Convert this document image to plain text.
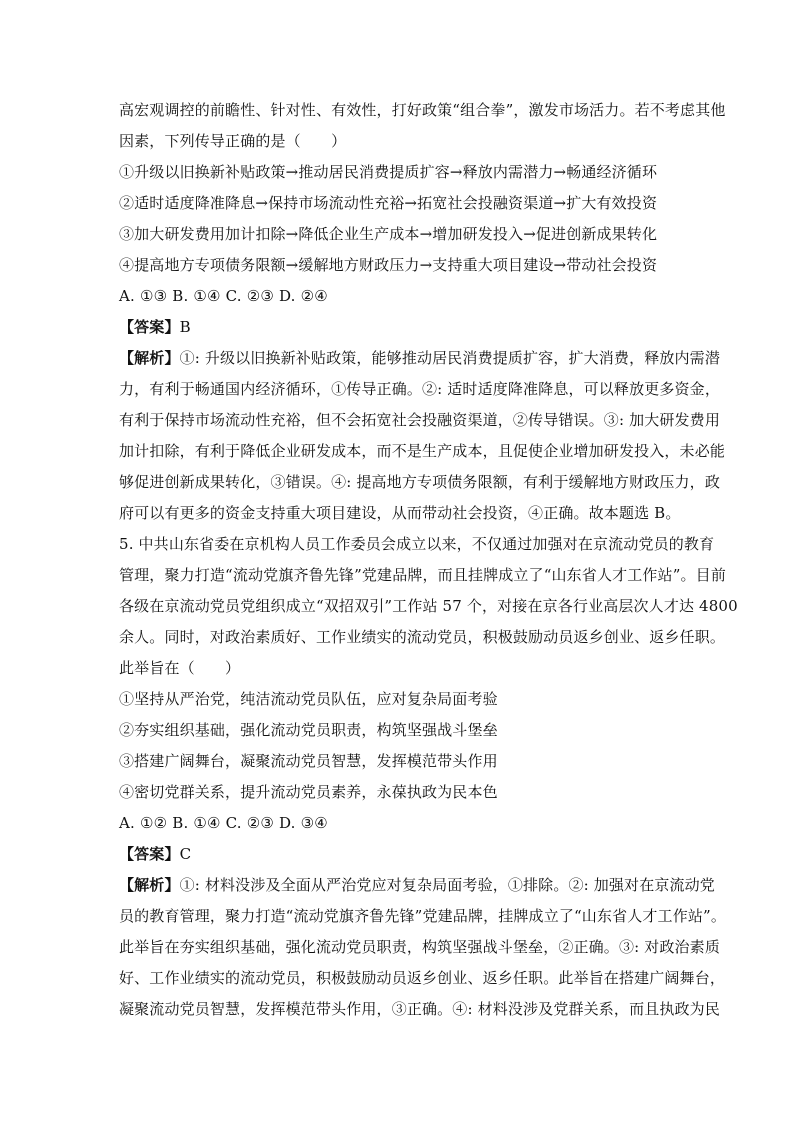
高宏观调控的前瞻性、针对性、有效性，打好政策“组合拳”，激发市场活力。若不考虑其他
因素，下列传导正确的是（　　）
①升级以旧换新补贴政策→推动居民消费提质扩容→释放内需潜力→畅通经济循环
②适时适度降准降息→保持市场流动性充裕→拓宽社会投融资渠道→扩大有效投资
③加大研发费用加计扣除→降低企业生产成本→增加研发投入→促进创新成果转化
④提高地方专项债务限额→缓解地方财政压力→支持重大项目建设→带动社会投资
A. ①③ B. ①④ C. ②③ D. ②④
【答案】B
【解析】①: 升级以旧换新补贴政策，能够推动居民消费提质扩容，扩大消费，释放内需潜
力，有利于畅通国内经济循环，①传导正确。②: 适时适度降准降息，可以释放更多资金，
有利于保持市场流动性充裕，但不会拓宽社会投融资渠道，②传导错误。③: 加大研发费用
加计扣除，有利于降低企业研发成本，而不是生产成本，且促使企业增加研发投入，未必能
够促进创新成果转化，③错误。④: 提高地方专项债务限额，有利于缓解地方财政压力，政
府可以有更多的资金支持重大项目建设，从而带动社会投资，④正确。故本题选 B。
5. 中共山东省委在京机构人员工作委员会成立以来，不仅通过加强对在京流动党员的教育
管理，聚力打造“流动党旗齐鲁先锋”党建品牌，而且挂牌成立了“山东省人才工作站”。目前
各级在京流动党员党组织成立“双招双引”工作站 57 个，对接在京各行业高层次人才达 4800
余人。同时，对政治素质好、工作业绩实的流动党员，积极鼓励动员返乡创业、返乡任职。
此举旨在（　　）
①坚持从严治党，纯洁流动党员队伍，应对复杂局面考验
②夯实组织基础，强化流动党员职责，构筑坚强战斗堡垒
③搭建广阔舞台，凝聚流动党员智慧，发挥模范带头作用
④密切党群关系，提升流动党员素养，永葆执政为民本色
A. ①② B. ①④ C. ②③ D. ③④
【答案】C
【解析】①: 材料没涉及全面从严治党应对复杂局面考验，①排除。②: 加强对在京流动党
员的教育管理，聚力打造“流动党旗齐鲁先锋”党建品牌，挂牌成立了“山东省人才工作站”。
此举旨在夯实组织基础，强化流动党员职责，构筑坚强战斗堡垒，②正确。③: 对政治素质
好、工作业绩实的流动党员，积极鼓励动员返乡创业、返乡任职。此举旨在搭建广阔舞台，
凝聚流动党员智慧，发挥模范带头作用，③正确。④: 材料没涉及党群关系，而且执政为民
